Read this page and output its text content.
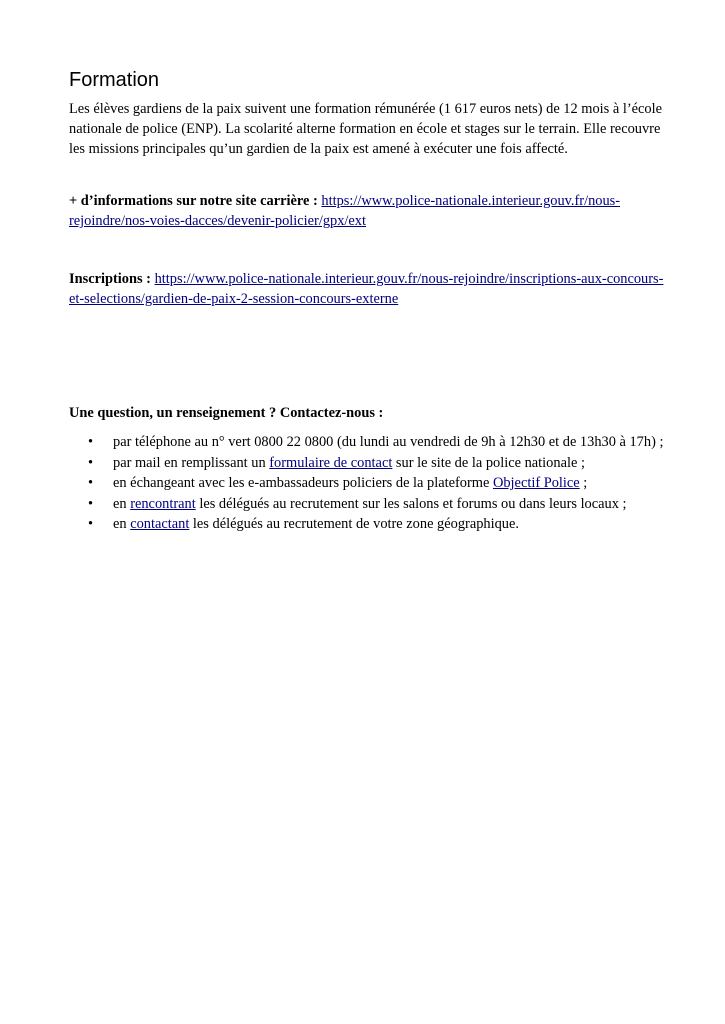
Formation

Les élèves gardiens de la paix suivent une formation rémunérée (1 617 euros nets) de 12 mois à l’école nationale de police (ENP). La scolarité alterne formation en école et stages sur le terrain. Elle recouvre les missions principales qu’un gardien de la paix est amené à exécuter une fois affecté.

+ d’informations sur notre site carrière : https://www.police-nationale.interieur.gouv.fr/nous-
rejoindre/nos-voies-dacces/devenir-policier/gpx/ext

Inscriptions : https://www.police-nationale.interieur.gouv.fr/nous-rejoindre/inscriptions-aux-concours-
et-selections/gardien-de-paix-2-session-concours-externe

Une question, un renseignement ? Contactez-nous :

• par téléphone au n° vert 0800 22 0800 (du lundi au vendredi de 9h à 12h30 et de 13h30 à 17h) ;
• par mail en remplissant un formulaire de contact sur le site de la police nationale ;
• en échangeant avec les e-ambassadeurs policiers de la plateforme Objectif Police ;
• en rencontrant les délégués au recrutement sur les salons et forums ou dans leurs locaux ;
• en contactant les délégués au recrutement de votre zone géographique.
